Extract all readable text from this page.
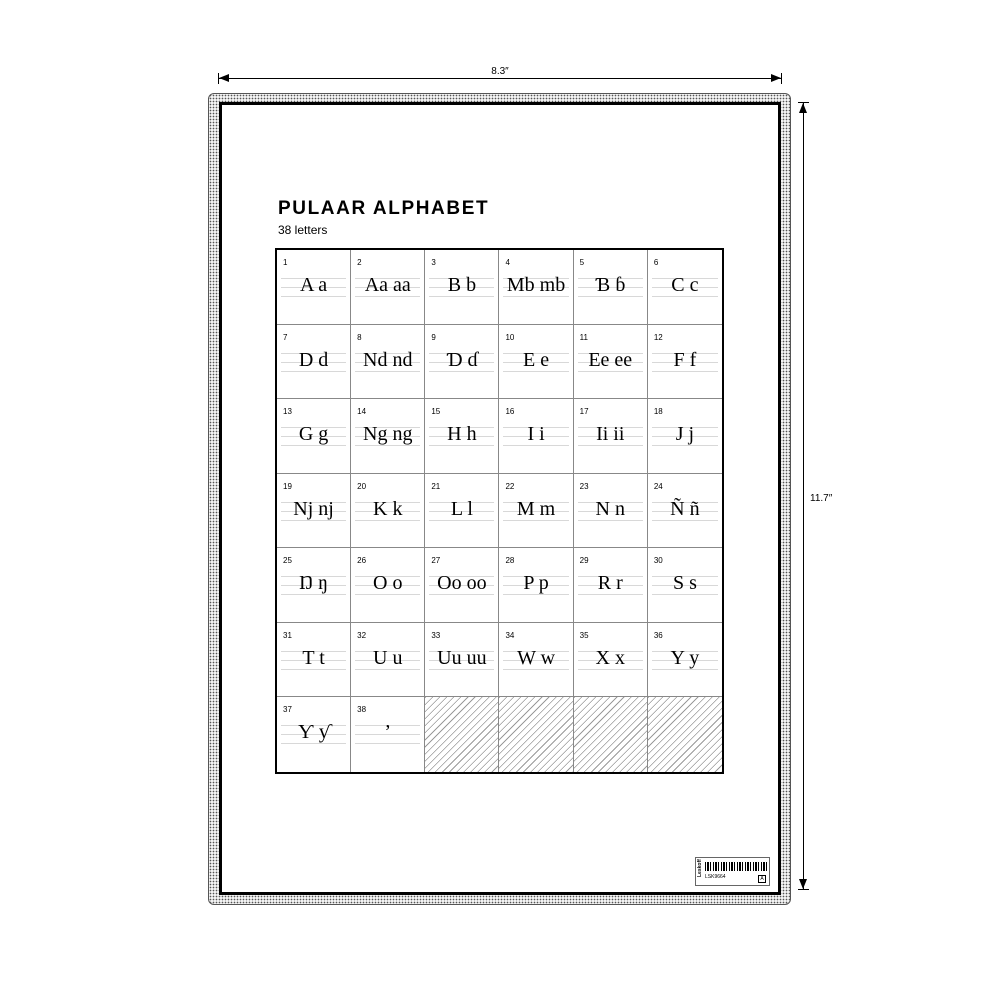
8.3″
11.7″
PULAAR ALPHABET
38 letters
1
A a
2
Aa aa
3
B b
4
Mb mb
5
Ɓ ɓ
6
C c
7
D d
8
Nd nd
9
Ɗ ɗ
10
E e
11
Ee ee
12
F f
13
G g
14
Ng ng
15
H h
16
I i
17
Ii ii
18
J j
19
Nj nj
20
K k
21
L l
22
M m
23
N n
24
Ñ ñ
25
Ŋ ŋ
26
O o
27
Oo oo
28
P p
29
R r
30
S s
31
T t
32
U u
33
Uu uu
34
W w
35
X x
36
Y y
37
Ƴ ƴ
38
’
Leskoff LSK9664	A
